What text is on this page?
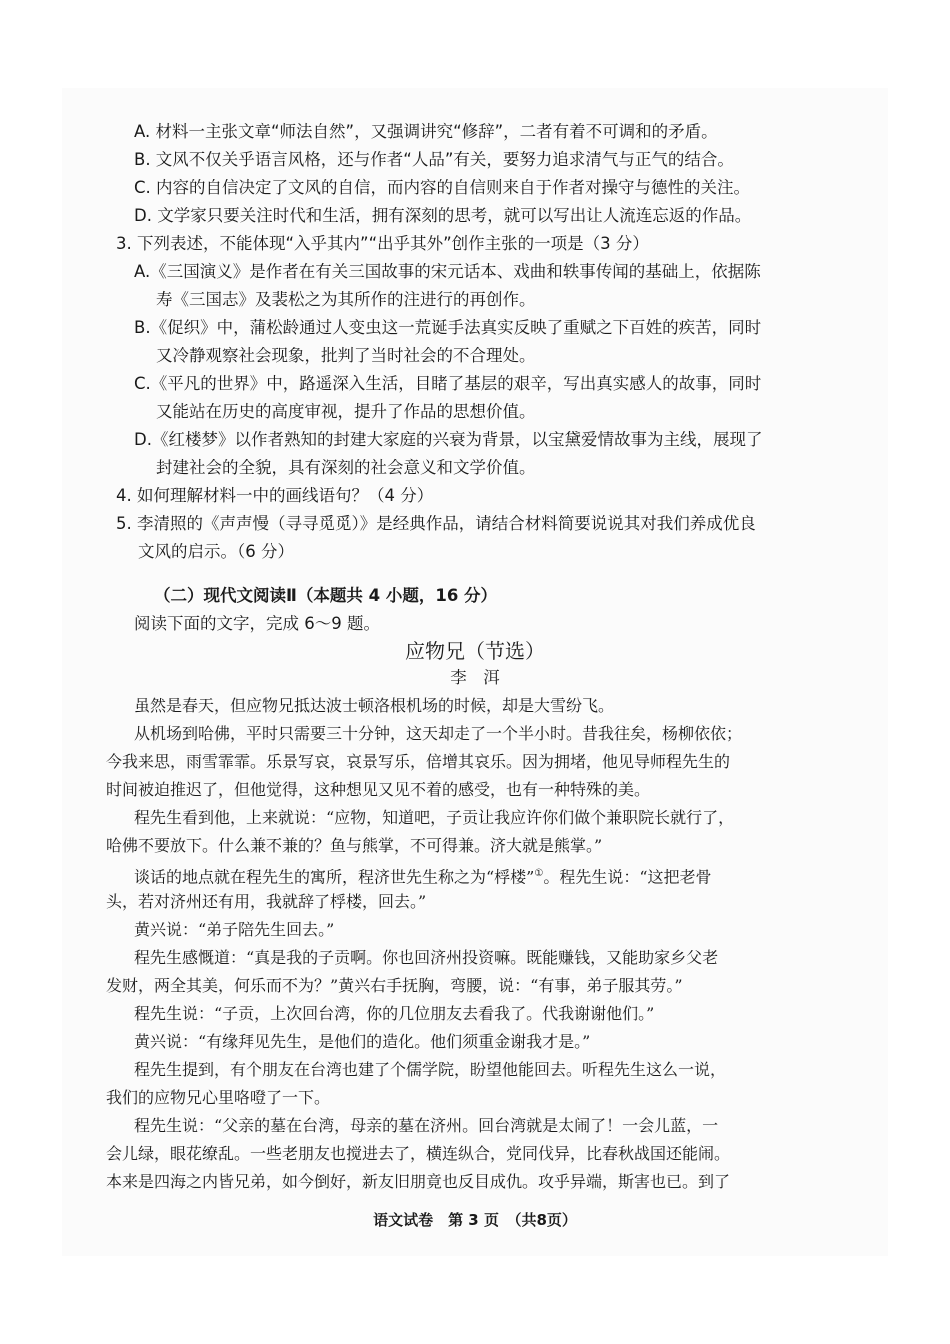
A. 材料一主张文章“师法自然”，又强调讲究“修辞”，二者有着不可调和的矛盾。
B. 文风不仅关乎语言风格，还与作者“人品”有关，要努力追求清气与正气的结合。
C. 内容的自信决定了文风的自信，而内容的自信则来自于作者对操守与德性的关注。
D. 文学家只要关注时代和生活，拥有深刻的思考，就可以写出让人流连忘返的作品。
3. 下列表述，不能体现“入乎其内”“出乎其外”创作主张的一项是（3 分）
A.《三国演义》是作者在有关三国故事的宋元话本、戏曲和轶事传闻的基础上，依据陈
寿《三国志》及裴松之为其所作的注进行的再创作。
B.《促织》中，蒲松龄通过人变虫这一荒诞手法真实反映了重赋之下百姓的疾苦，同时
又冷静观察社会现象，批判了当时社会的不合理处。
C.《平凡的世界》中，路遥深入生活，目睹了基层的艰辛，写出真实感人的故事，同时
又能站在历史的高度审视，提升了作品的思想价值。
D.《红楼梦》以作者熟知的封建大家庭的兴衰为背景，以宝黛爱情故事为主线，展现了
封建社会的全貌，具有深刻的社会意义和文学价值。
4. 如何理解材料一中的画线语句？（4 分）
5. 李清照的《声声慢（寻寻觅觅）》是经典作品，请结合材料简要说说其对我们养成优良
文风的启示。（6 分）
（二）现代文阅读Ⅱ（本题共 4 小题，16 分）
阅读下面的文字，完成 6～9 题。
应物兄（节选）
李　洱
虽然是春天，但应物兄抵达波士顿洛根机场的时候，却是大雪纷飞。
从机场到哈佛，平时只需要三十分钟，这天却走了一个半小时。昔我往矣，杨柳依依；
今我来思，雨雪霏霏。乐景写哀，哀景写乐，倍增其哀乐。因为拥堵，他见导师程先生的
时间被迫推迟了，但他觉得，这种想见又见不着的感受，也有一种特殊的美。
程先生看到他，上来就说：“应物，知道吧，子贡让我应许你们做个兼职院长就行了，
哈佛不要放下。什么兼不兼的？鱼与熊掌，不可得兼。济大就是熊掌。”
谈话的地点就在程先生的寓所，程济世先生称之为“桴楼”①。程先生说：“这把老骨
头，若对济州还有用，我就辞了桴楼，回去。”
黄兴说：“弟子陪先生回去。”
程先生感慨道：“真是我的子贡啊。你也回济州投资嘛。既能赚钱，又能助家乡父老
发财，两全其美，何乐而不为？”黄兴右手抚胸，弯腰，说：“有事，弟子服其劳。”
程先生说：“子贡，上次回台湾，你的几位朋友去看我了。代我谢谢他们。”
黄兴说：“有缘拜见先生，是他们的造化。他们须重金谢我才是。”
程先生提到，有个朋友在台湾也建了个儒学院，盼望他能回去。听程先生这么一说，
我们的应物兄心里咯噔了一下。
程先生说：“父亲的墓在台湾，母亲的墓在济州。回台湾就是太闹了！一会儿蓝，一
会儿绿，眼花缭乱。一些老朋友也搅进去了，横连纵合，党同伐异，比春秋战国还能闹。
本来是四海之内皆兄弟，如今倒好，新友旧朋竟也反目成仇。攻乎异端，斯害也已。到了
语文试卷　第 3 页　（共8页）
